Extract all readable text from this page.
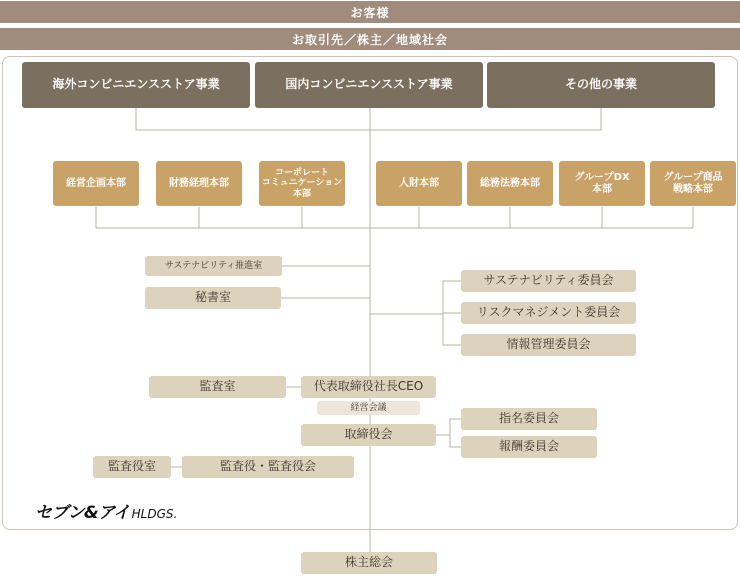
お客様
お取引先／株主／地域社会
海外コンビニエンスストア事業	国内コンビニエンスストア事業	その他の事業
経営企画本部	財務経理本部
コーポレート
コミュニケーション
本部
人財本部	総務法務本部
グループDX
本部
グループ商品
戦略本部
サステナビリティ推進室
秘書室
サステナビリティ委員会
リスクマネジメント委員会
情報管理委員会
監査室	代表取締役社長CEO
経営会議
取締役会
指名委員会
報酬委員会
監査役室	監査役・監査役会
セブン&アイ HLDGS.
株主総会
